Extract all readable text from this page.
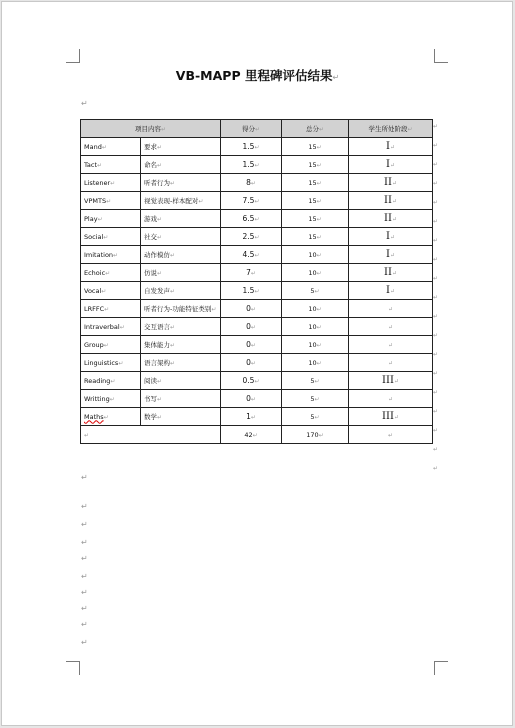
VB-MAPP 里程碑评估结果↵
↵
项目内容↵		得分↵	总分↵	学生所处阶段↵
Mand↵	要求↵	1.5↵	15↵	I↵
Tact↵	命名↵	1.5↵	15↵	I↵
Listener↵	听者行为↵	8↵	15↵	II↵
VPMTS↵	视觉表现-样本配对↵	7.5↵	15↵	II↵
Play↵	游戏↵	6.5↵	15↵	II↵
Social↵	社交↵	2.5↵	15↵	I↵
Imitation↵	动作模仿↵	4.5↵	10↵	I↵
Echoic↵	仿说↵	7↵	10↵	II↵
Vocal↵	自发发声↵	1.5↵	5↵	I↵
LRFFC↵	听者行为-功能特征类别↵	0↵	10↵	↵
Intraverbal↵	交互语言↵	0↵	10↵	↵
Group↵	集体能力↵	0↵	10↵	↵
Linguistics↵	语言架构↵	0↵	10↵	↵
Reading↵	阅读↵	0.5↵	5↵	III↵
Writting↵	书写↵	0↵	5↵	↵
Maths↵	数学↵	1↵	5↵	III↵
↵		42↵	170↵	↵
↵
↵
↵
↵
↵
↵
↵
↵
↵
↵
↵
↵
↵
↵
↵
↵
↵
↵
↵
↵
↵
↵
↵
↵
↵
↵
↵
↵
↵
